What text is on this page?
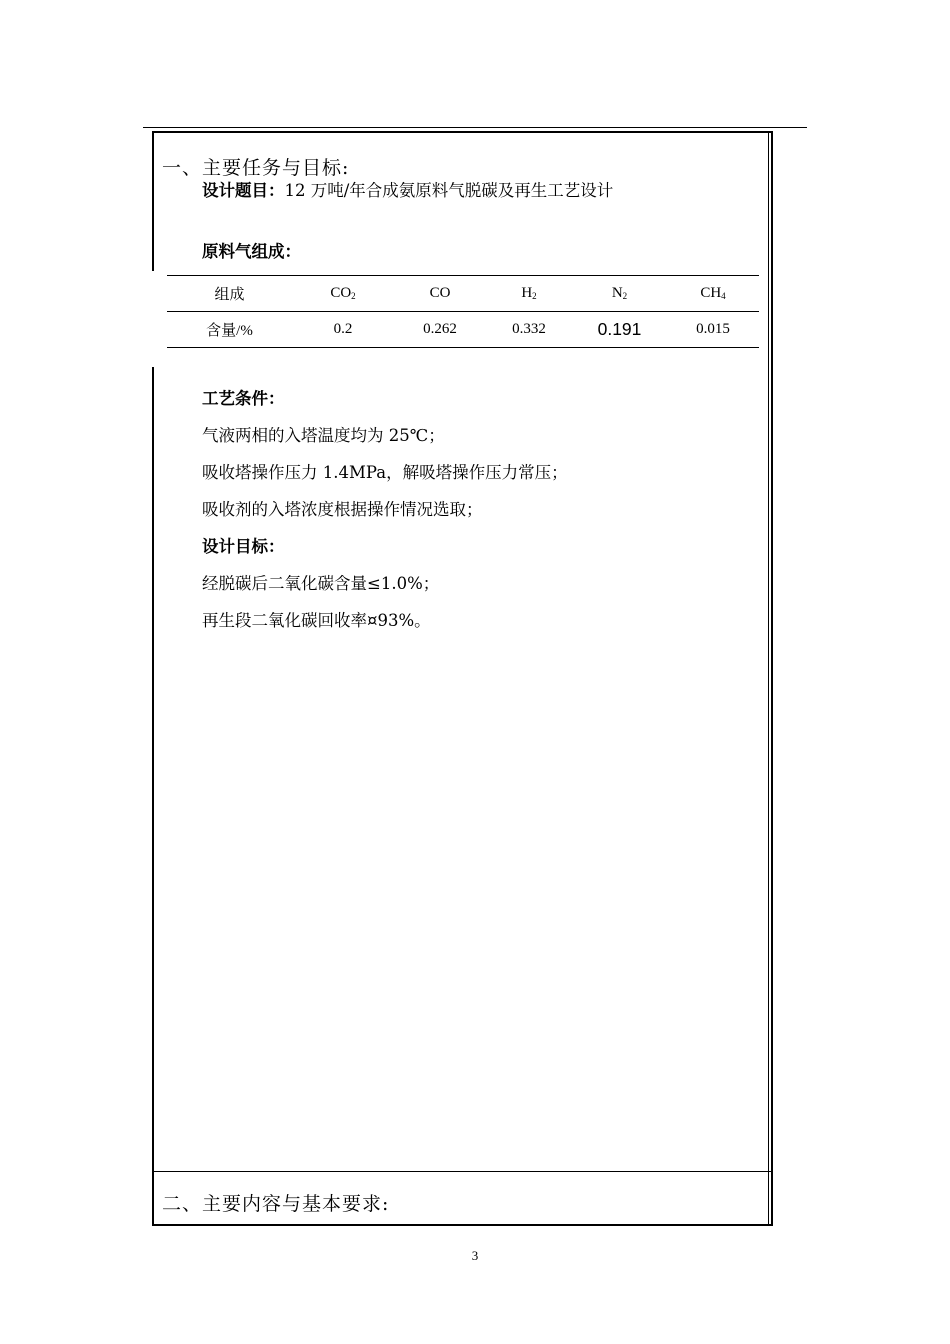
一、主要任务与目标:
设计题目：12 万吨/年合成氨原料气脱碳及再生工艺设计
原料气组成：
组成	$CO_2$	CO	$H_2$	$N_2$	$CH_4$
含量/%	0.2	0.262	0.332	0.191	0.015
工艺条件：
气液两相的入塔温度均为 25℃；
吸收塔操作压力 1.4MPa，解吸塔操作压力常压；
吸收剂的入塔浓度根据操作情况选取；
设计目标：
经脱碳后二氧化碳含量≤1.0%；
再生段二氧化碳回收率¤93%。
二、主要内容与基本要求:
3
